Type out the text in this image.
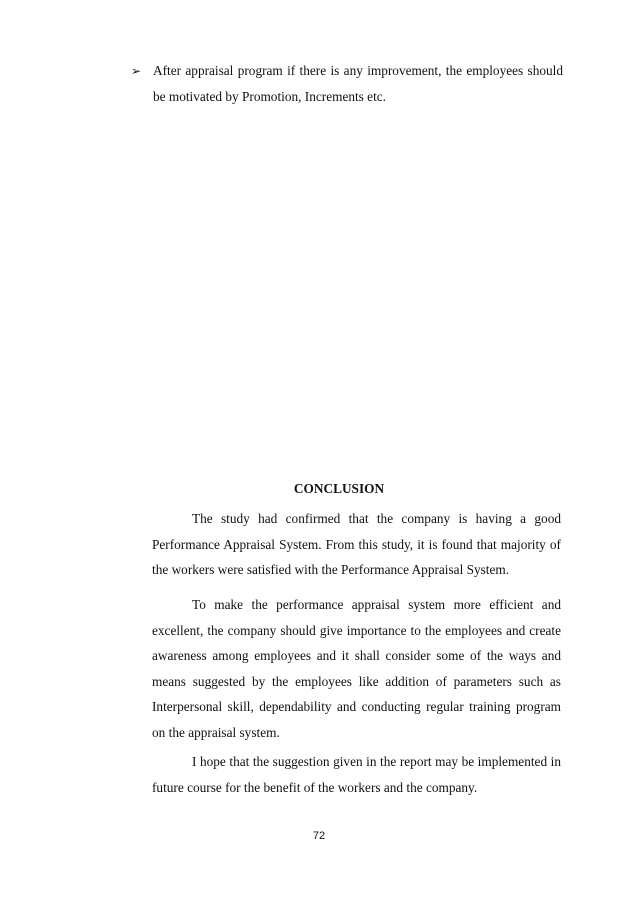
➢ After appraisal program if there is any improvement, the employees should be motivated by Promotion, Increments etc.
CONCLUSION

The study had confirmed that the company is having a good Performance Appraisal System. From this study, it is found that majority of the workers were satisfied with the Performance Appraisal System.

To make the performance appraisal system more efficient and excellent, the company should give importance to the employees and create awareness among employees and it shall consider some of the ways and means suggested by the employees like addition of parameters such as Interpersonal skill, dependability and conducting regular training program on the appraisal system.

I hope that the suggestion given in the report may be implemented in future course for the benefit of the workers and the company.

72
